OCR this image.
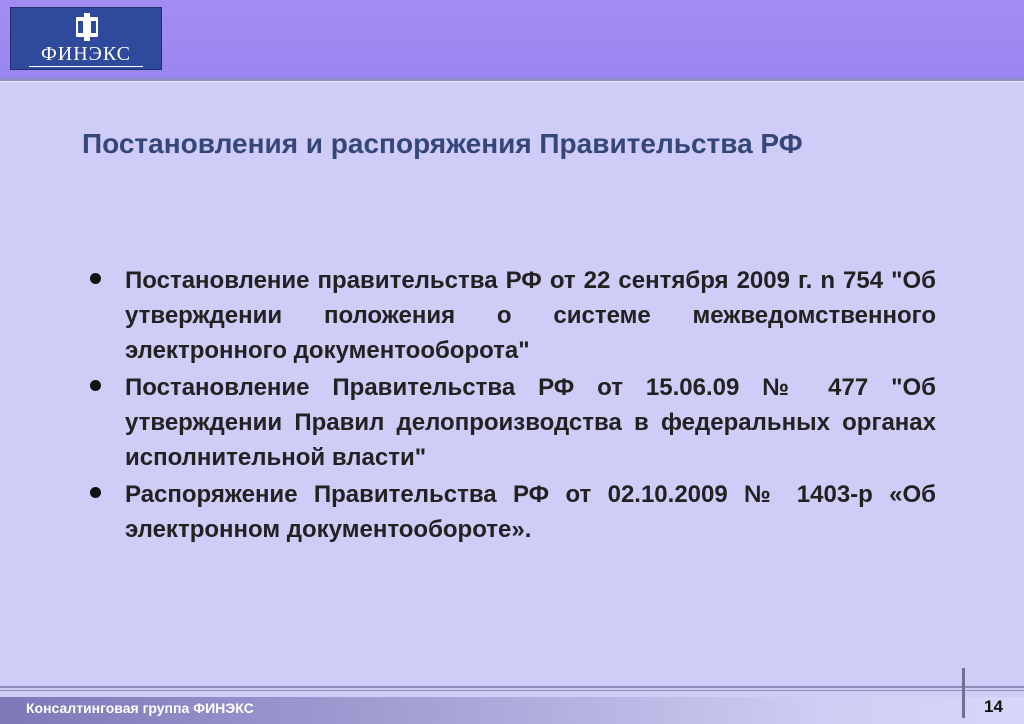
ФИНЭКС
Постановления и распоряжения Правительства РФ
Постановление правительства РФ от 22 сентября 2009 г. n 754 "Об утверждении положения о системе межведомственного электронного документооборота"
Постановление Правительства РФ от 15.06.09 № 477 "Об утверждении Правил делопроизводства в федеральных органах исполнительной власти"
Распоряжение Правительства РФ от 02.10.2009 № 1403-р «Об электронном документообороте».
Консалтинговая группа ФИНЭКС	14
